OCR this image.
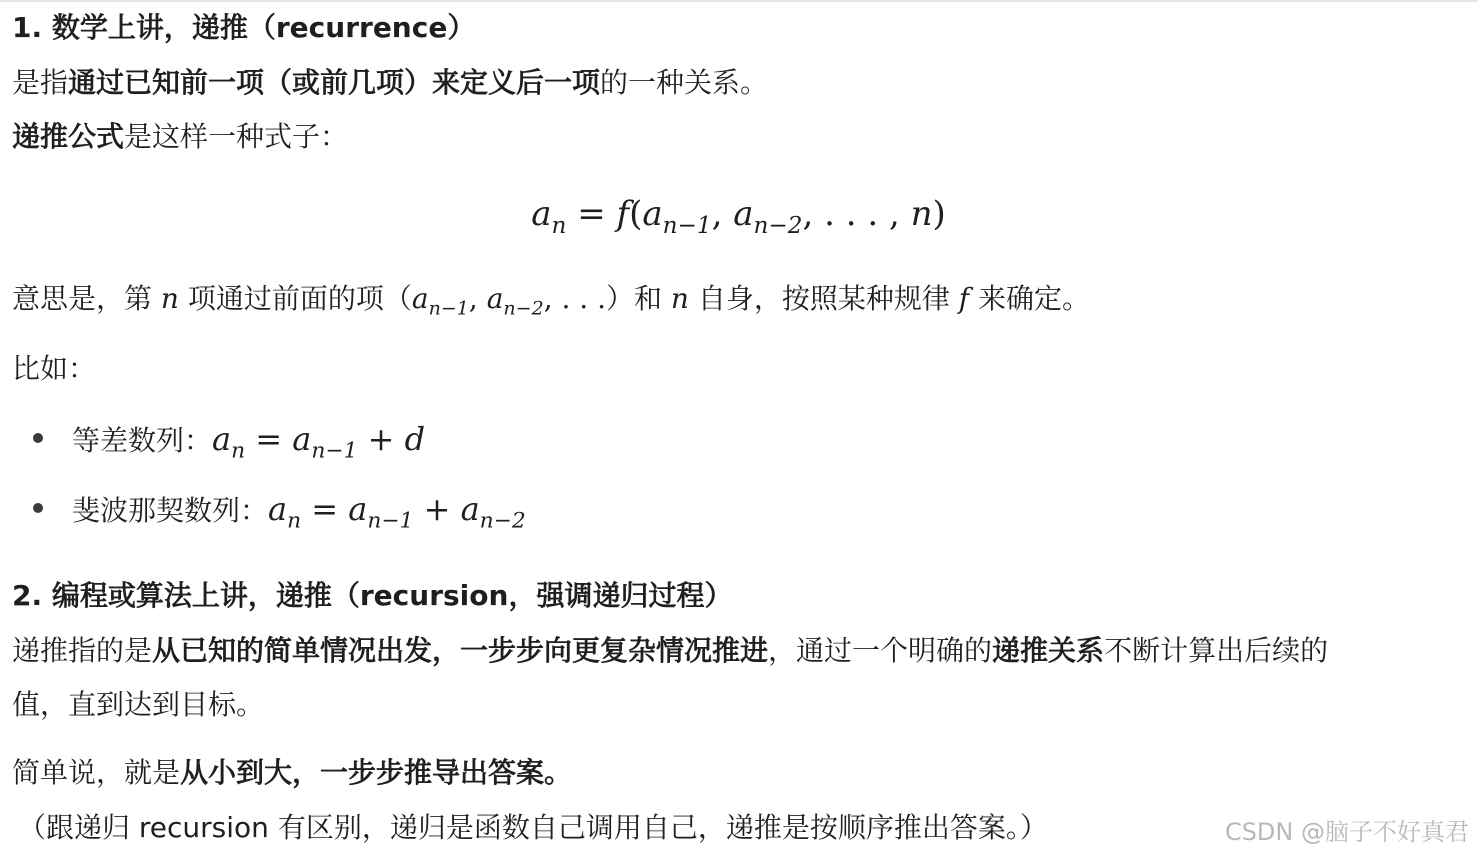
1. 数学上讲，递推（recurrence）
是指通过已知前一项（或前几项）来定义后一项的一种关系。
递推公式是这样一种式子：
$a_n = f(a_{n-1}$, $a_{n-2}$, . . . , n)
意思是，第 n 项通过前面的项（$a_{n-1}$, $a_{n-2}$, . . .）和 n 自身，按照某种规律 f 来确定。
比如：
等差数列：$a_n = a_{n-1} + d$
斐波那契数列：$a_n = a_{n-1} + a_{n-2}$
2. 编程或算法上讲，递推（recursion，强调递归过程）
递推指的是从已知的简单情况出发，一步步向更复杂情况推进，通过一个明确的递推关系不断计算出后续的
值，直到达到目标。
简单说，就是从小到大，一步步推导出答案。
（跟递归 recursion 有区别，递归是函数自己调用自己，递推是按顺序推出答案。）	CSDN @脑子不好真君
